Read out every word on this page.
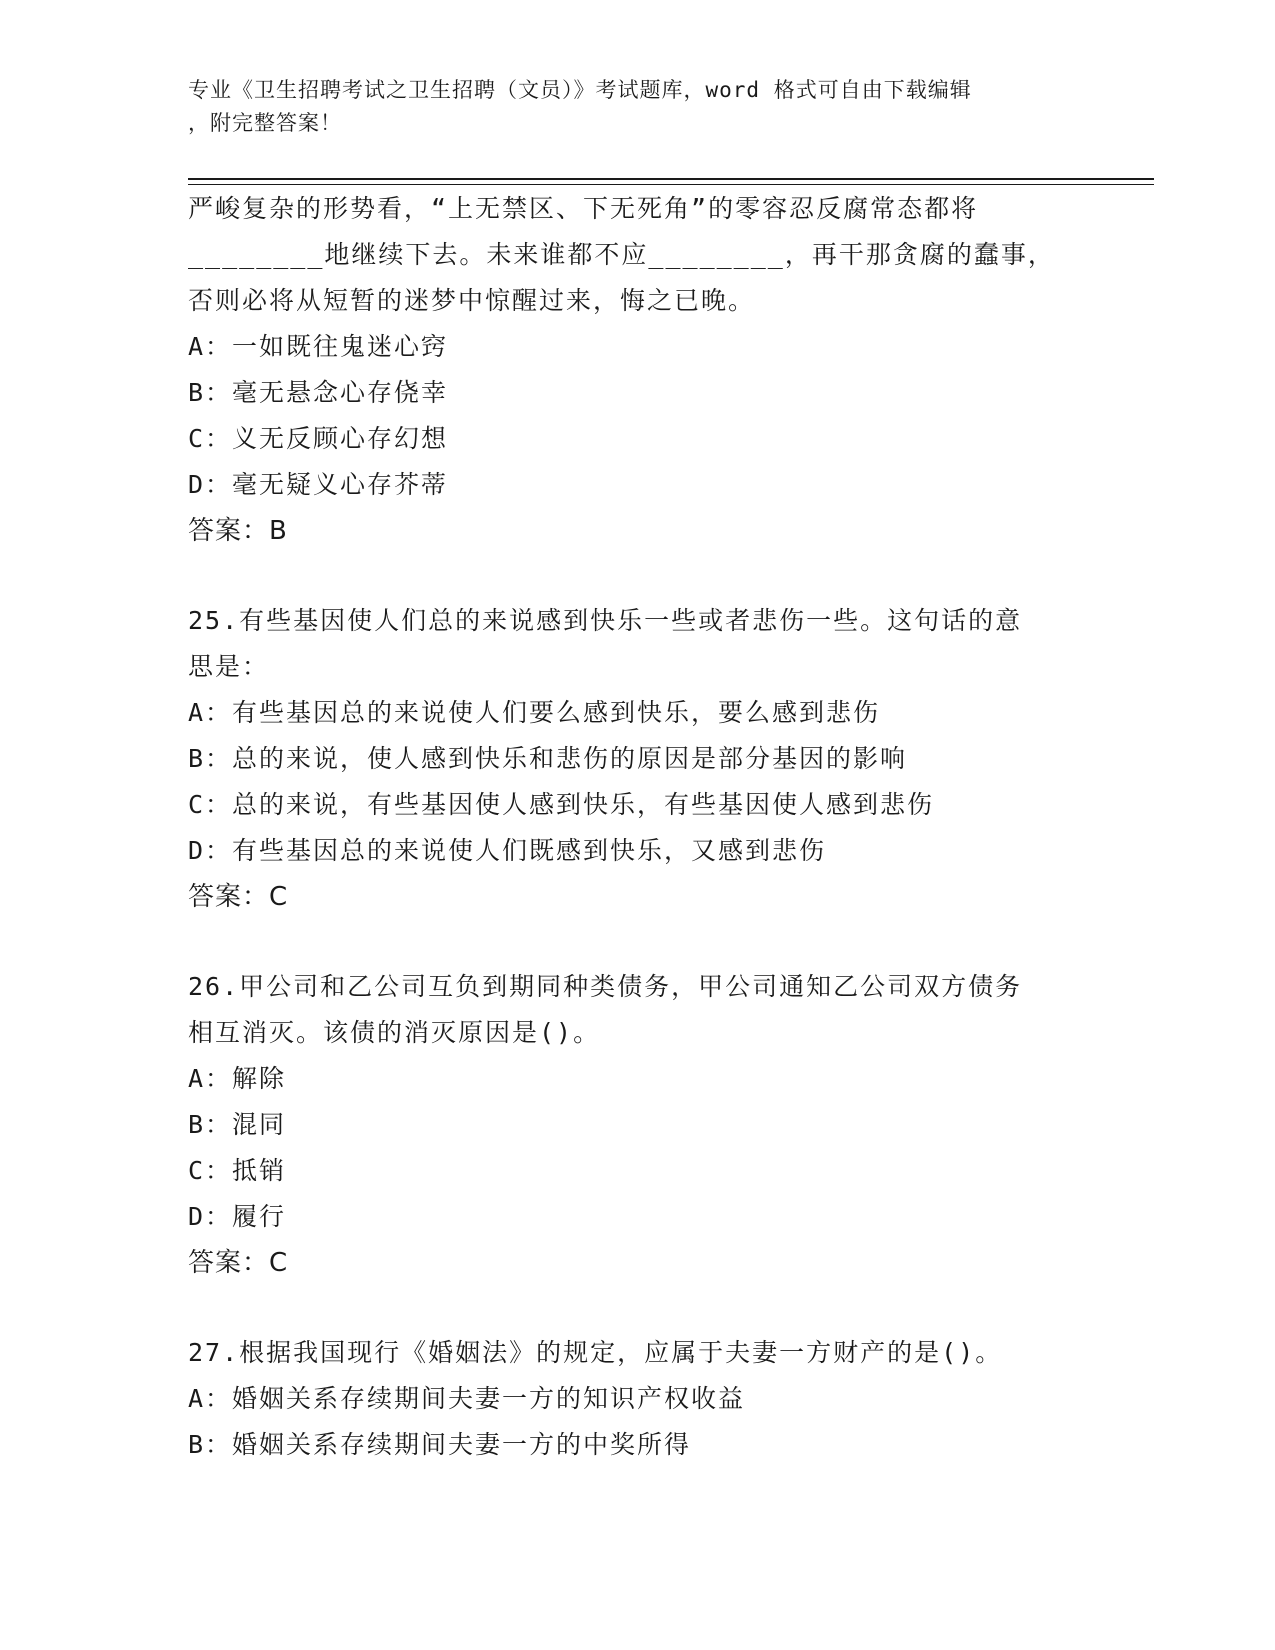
专业《卫生招聘考试之卫生招聘（文员）》考试题库，word 格式可自由下载编辑
，附完整答案！
严峻复杂的形势看，“上无禁区、下无死角”的零容忍反腐常态都将
________地继续下去。未来谁都不应________，再干那贪腐的蠢事，
否则必将从短暂的迷梦中惊醒过来，悔之已晚。
A：一如既往鬼迷心窍
B：毫无悬念心存侥幸
C：义无反顾心存幻想
D：毫无疑义心存芥蒂
答案：B
25.有些基因使人们总的来说感到快乐一些或者悲伤一些。这句话的意
思是：
A：有些基因总的来说使人们要么感到快乐，要么感到悲伤
B：总的来说，使人感到快乐和悲伤的原因是部分基因的影响
C：总的来说，有些基因使人感到快乐，有些基因使人感到悲伤
D：有些基因总的来说使人们既感到快乐，又感到悲伤
答案：C
26.甲公司和乙公司互负到期同种类债务，甲公司通知乙公司双方债务
相互消灭。该债的消灭原因是()。
A：解除
B：混同
C：抵销
D：履行
答案：C
27.根据我国现行《婚姻法》的规定，应属于夫妻一方财产的是()。
A：婚姻关系存续期间夫妻一方的知识产权收益
B：婚姻关系存续期间夫妻一方的中奖所得
